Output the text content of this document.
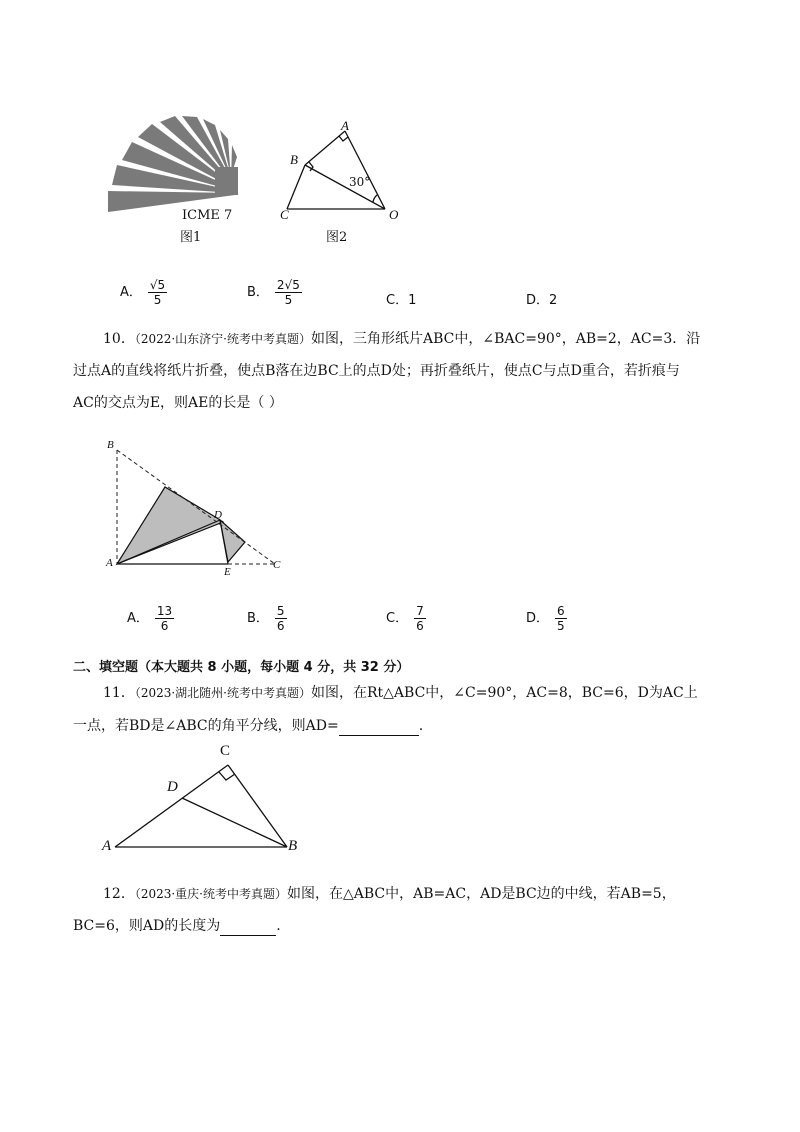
ICME 7
图1
A
B
C	O
30°
图2
A． $\frac{√5}{5}$	B． $\frac{2√5}{5}$	C．1	D．2
10．（2022·山东济宁·统考中考真题）如图，三角形纸片ABC中，∠BAC=90°，AB=2，AC=3．沿
过点A的直线将纸片折叠，使点B落在边BC上的点D处；再折叠纸片，使点C与点D重合，若折痕与
AC的交点为E，则AE的长是（ ）
B
D
A
E
C
A． $\frac{13}{6}$	B． $\frac{5}{6}$	C． $\frac{7}{6}$	D． $\frac{6}{5}$
二、填空题（本大题共 8 小题，每小题 4 分，共 32 分）
11．（2023·湖北随州·统考中考真题）如图，在Rt△ABC中，∠C=90°，AC=8，BC=6，D为AC上
一点，若BD是∠ABC的角平分线，则AD=	.
C
D
A	B
12．（2023·重庆·统考中考真题）如图，在△ABC中，AB=AC，AD是BC边的中线，若AB=5，
BC=6，则AD的长度为	.
